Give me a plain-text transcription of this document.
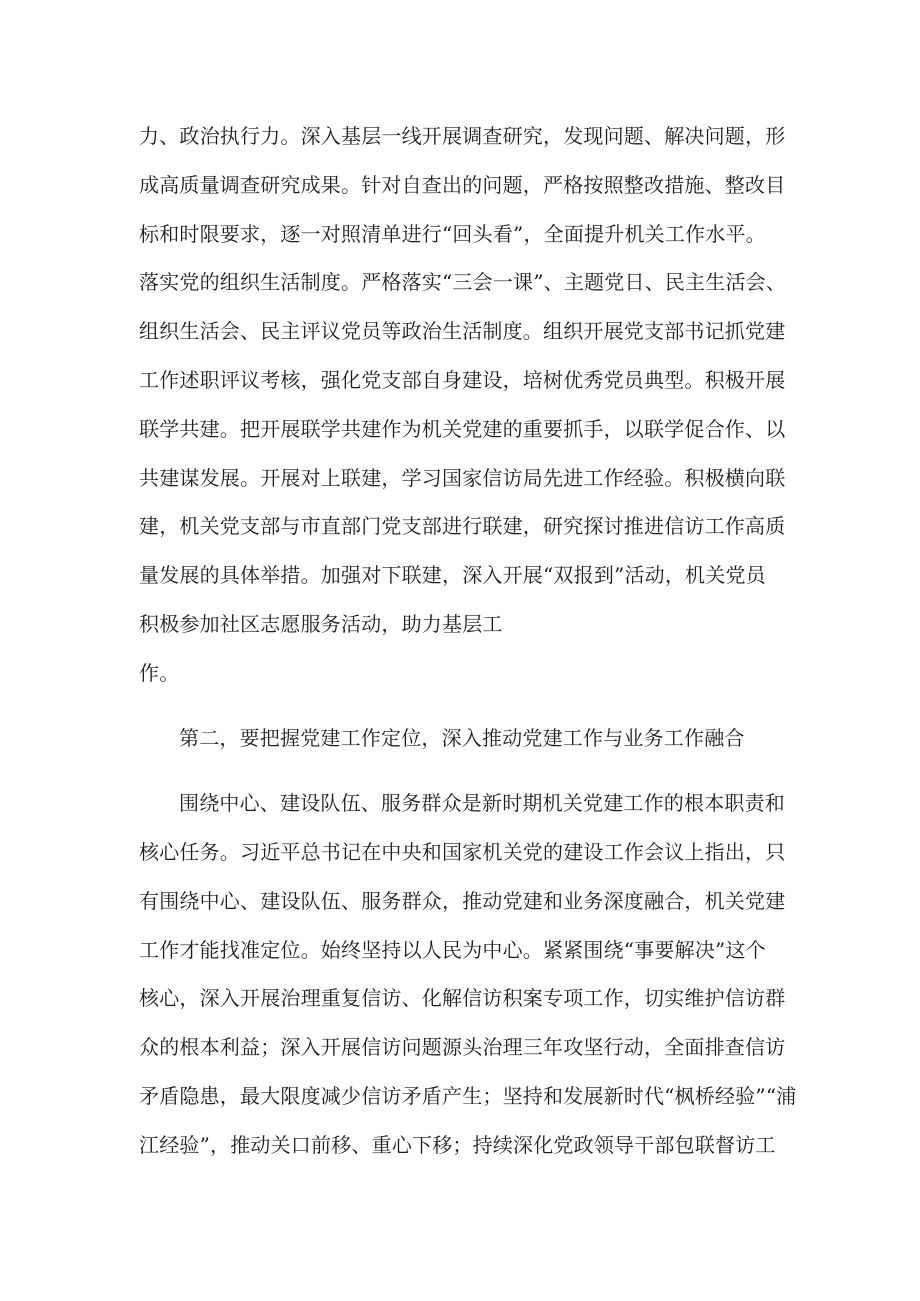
力、政治执行力。深入基层一线开展调查研究，发现问题、解决问题，形
成高质量调查研究成果。针对自查出的问题，严格按照整改措施、整改目
标和时限要求，逐一对照清单进行“回头看”，全面提升机关工作水平。
落实党的组织生活制度。严格落实“三会一课”、主题党日、民主生活会、
组织生活会、民主评议党员等政治生活制度。组织开展党支部书记抓党建
工作述职评议考核，强化党支部自身建设，培树优秀党员典型。积极开展
联学共建。把开展联学共建作为机关党建的重要抓手，以联学促合作、以
共建谋发展。开展对上联建，学习国家信访局先进工作经验。积极横向联
建，机关党支部与市直部门党支部进行联建，研究探讨推进信访工作高质
量发展的具体举措。加强对下联建，深入开展“双报到”活动，机关党员
积极参加社区志愿服务活动，助力基层工
作。
第二，要把握党建工作定位，深入推动党建工作与业务工作融合
围绕中心、建设队伍、服务群众是新时期机关党建工作的根本职责和
核心任务。习近平总书记在中央和国家机关党的建设工作会议上指出，只
有围绕中心、建设队伍、服务群众，推动党建和业务深度融合，机关党建
工作才能找准定位。始终坚持以人民为中心。紧紧围绕“事要解决”这个
核心，深入开展治理重复信访、化解信访积案专项工作，切实维护信访群
众的根本利益；深入开展信访问题源头治理三年攻坚行动，全面排查信访
矛盾隐患，最大限度减少信访矛盾产生；坚持和发展新时代“枫桥经验”“浦
江经验”，推动关口前移、重心下移；持续深化党政领导干部包联督访工
